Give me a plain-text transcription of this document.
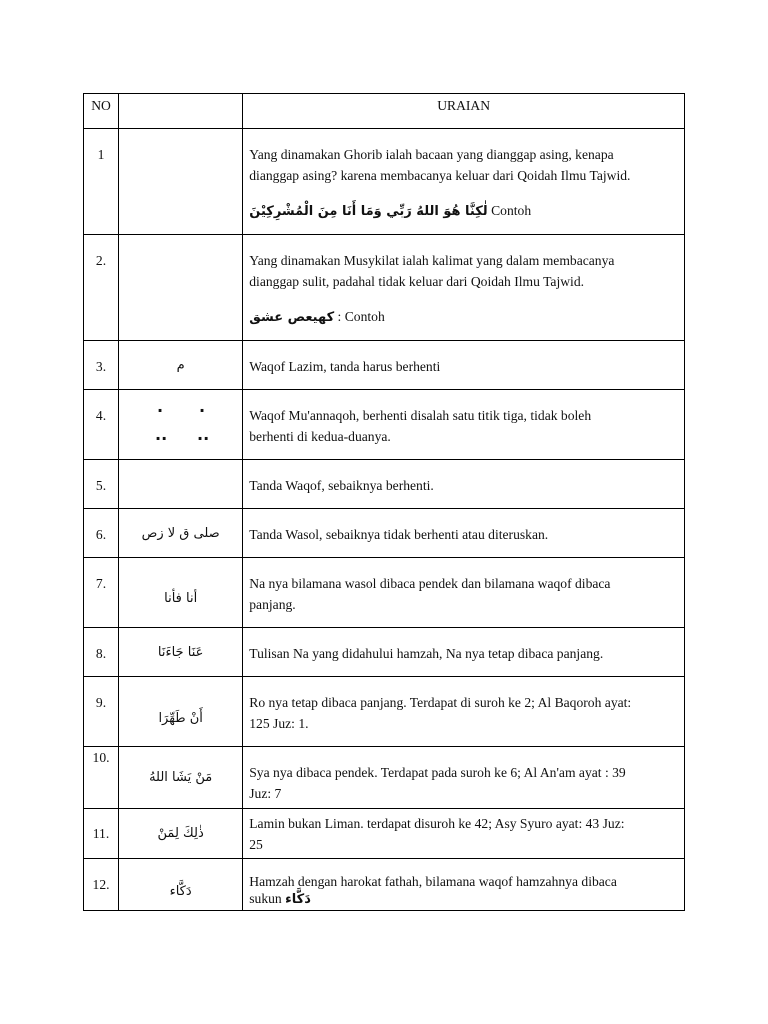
NO		URAIAN
1		Yang dinamakan Ghorib ialah bacaan yang dianggap asing, kenapa
dianggap asing? karena membacanya keluar dari Qoidah Ilmu Tajwid.
لٰكِنَّا هُوَ اللهُ رَبِّي وَمَا أَنَا مِنَ الْمُشْرِكِيْنَ Contoh

2.		Yang dinamakan Musykilat ialah kalimat yang dalam membacanya
dianggap sulit, padahal tidak keluar dari Qoidah Ilmu Tajwid.
كهيعص عشق : Contoh

3.	م	Waqof Lazim, tanda harus berhenti

4.	. .
.. ..	Waqof Mu'annaqoh, berhenti disalah satu titik tiga, tidak boleh
berhenti di kedua-duanya.

5.		Tanda Waqof, sebaiknya berhenti.

6.	صلى ق لا زص	Tanda Wasol, sebaiknya tidak berhenti atau diteruskan.

7.	أنا فأنا	Na nya bilamana wasol dibaca pendek dan bilamana waqof dibaca
panjang.

8.	عَنَا جَاءَنَا	Tulisan Na yang didahului hamzah, Na nya tetap dibaca panjang.

9.	أَنْ طَهِّرَا	Ro nya tetap dibaca panjang. Terdapat di suroh ke 2; Al Baqoroh ayat:
125 Juz: 1.

10.	مَنْ يَشَا اللهُ	Sya nya dibaca pendek. Terdapat pada suroh ke 6; Al An'am ayat : 39
Juz: 7

11.	ذٰلِكَ لِمَنْ	Lamin bukan Liman. terdapat disuroh ke 42; Asy Syuro ayat: 43 Juz:
25

12.	دَكَّاء	Hamzah dengan harokat fathah, bilamana waqof hamzahnya dibaca
sukun دَكَّاء
